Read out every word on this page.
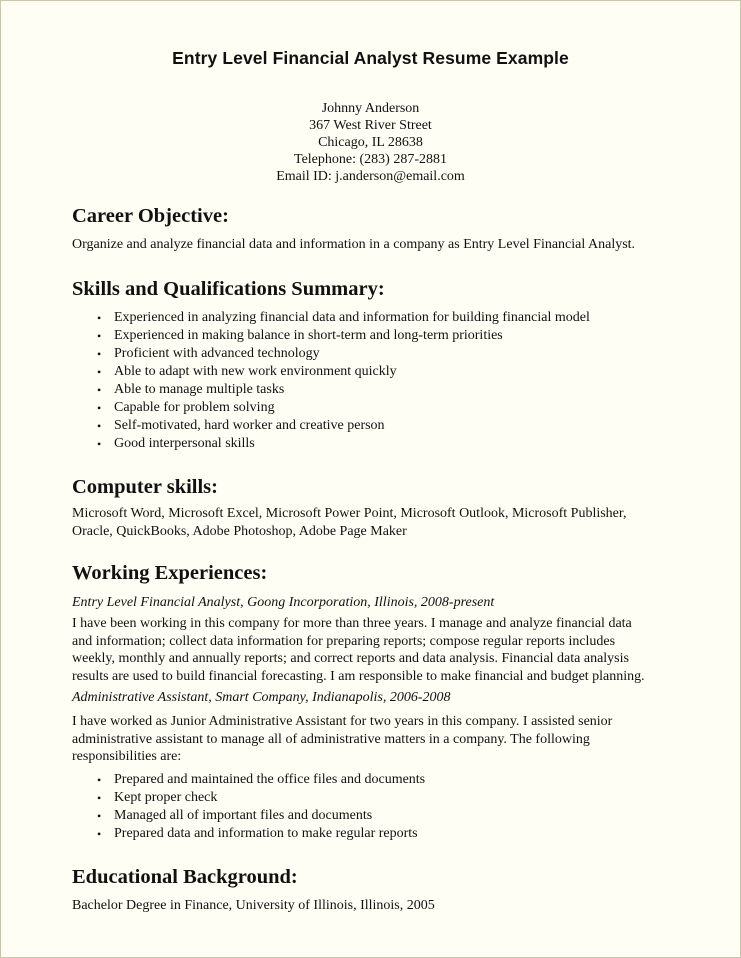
Entry Level Financial Analyst Resume Example
Johnny Anderson
367 West River Street
Chicago, IL 28638
Telephone: (283) 287-2881
Email ID: j.anderson@email.com
Career Objective:
Organize and analyze financial data and information in a company as Entry Level Financial Analyst.
Skills and Qualifications Summary:
• Experienced in analyzing financial data and information for building financial model
• Experienced in making balance in short-term and long-term priorities
• Proficient with advanced technology
• Able to adapt with new work environment quickly
• Able to manage multiple tasks
• Capable for problem solving
• Self-motivated, hard worker and creative person
• Good interpersonal skills
Computer skills:
Microsoft Word, Microsoft Excel, Microsoft Power Point, Microsoft Outlook, Microsoft Publisher,
Oracle, QuickBooks, Adobe Photoshop, Adobe Page Maker
Working Experiences:
Entry Level Financial Analyst, Goong Incorporation, Illinois, 2008-present
I have been working in this company for more than three years. I manage and analyze financial data
and information; collect data information for preparing reports; compose regular reports includes
weekly, monthly and annually reports; and correct reports and data analysis. Financial data analysis
results are used to build financial forecasting. I am responsible to make financial and budget planning.
Administrative Assistant, Smart Company, Indianapolis, 2006-2008
I have worked as Junior Administrative Assistant for two years in this company. I assisted senior
administrative assistant to manage all of administrative matters in a company. The following
responsibilities are:
• Prepared and maintained the office files and documents
• Kept proper check
• Managed all of important files and documents
• Prepared data and information to make regular reports
Educational Background:
Bachelor Degree in Finance, University of Illinois, Illinois, 2005
